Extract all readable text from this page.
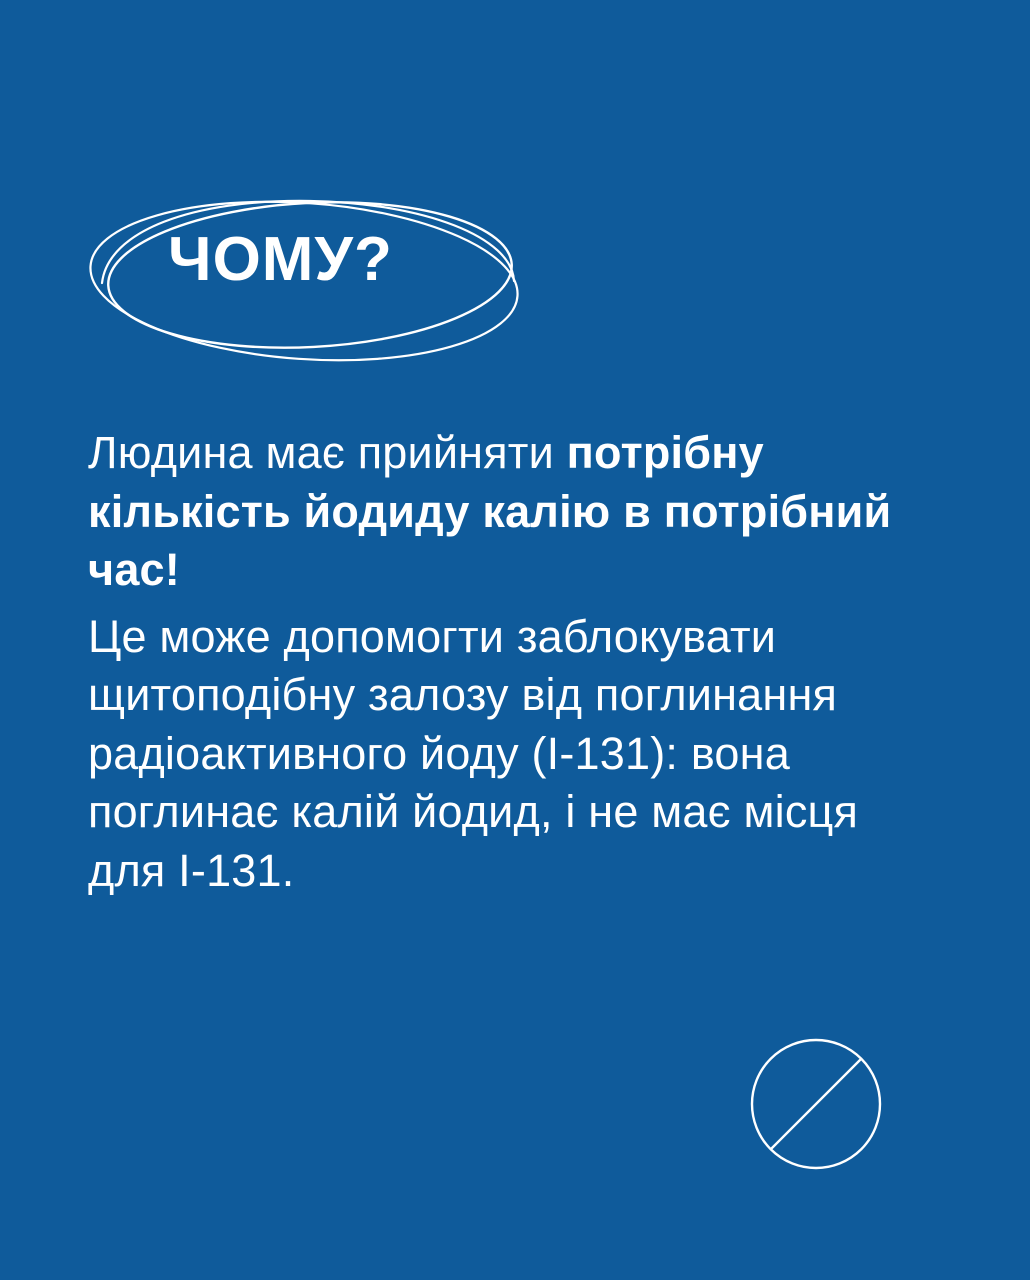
ЧОМУ?
Людина має прийняти потрібну кількість йодиду калію в потрібний час!
Це може допомогти заблокувати щитоподібну залозу від поглинання радіоактивного йоду (I-131): вона поглинає калій йодид, і не має місця для I-131.
